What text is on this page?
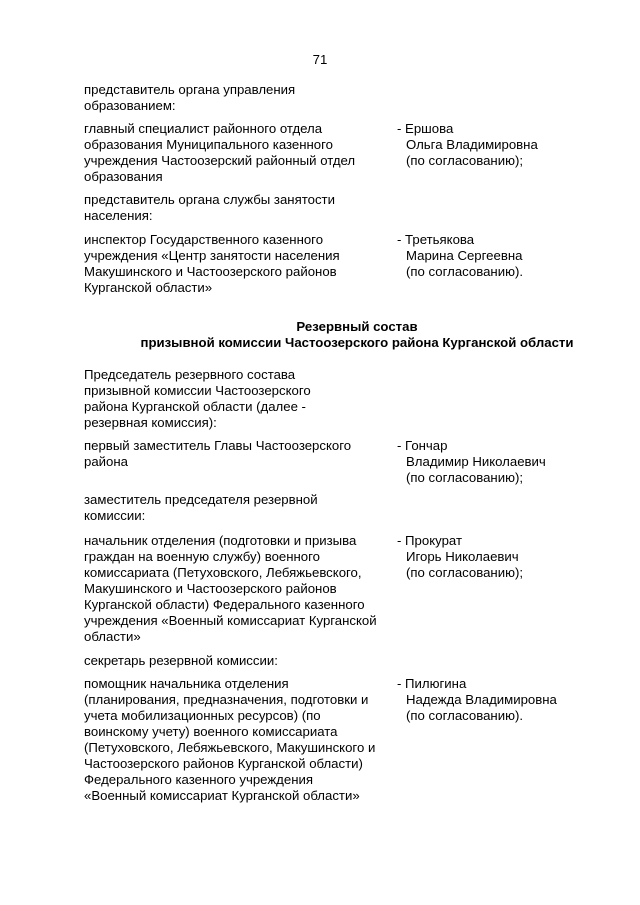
71
представитель органа управления
образованием:
главный специалист районного отдела
образования Муниципального казенного
учреждения Частоозерский районный отдел
образования
- Ершова
Ольга Владимировна
(по согласованию);
представитель органа службы занятости
населения:
инспектор Государственного казенного
учреждения «Центр занятости населения
Макушинского и Частоозерского районов
Курганской области»
- Третьякова
Марина Сергеевна
(по согласованию).
Резервный состав
призывной комиссии Частоозерского района Курганской области
Председатель резервного состава
призывной комиссии Частоозерского
района Курганской области (далее -
резервная комиссия):
первый заместитель Главы Частоозерского
района
- Гончар
Владимир Николаевич
(по согласованию);
заместитель председателя резервной
комиссии:
начальник отделения (подготовки и призыва
граждан на военную службу) военного
комиссариата (Петуховского, Лебяжьевского,
Макушинского и Частоозерского районов
Курганской области) Федерального казенного
учреждения «Военный комиссариат Курганской
области»
- Прокурат
Игорь Николаевич
(по согласованию);
секретарь резервной комиссии:
помощник начальника отделения
(планирования, предназначения, подготовки и
учета мобилизационных ресурсов) (по
воинскому учету) военного комиссариата
(Петуховского, Лебяжьевского, Макушинского и
Частоозерского районов Курганской области)
Федерального казенного учреждения
«Военный комиссариат Курганской области»
- Пилюгина
Надежда Владимировна
(по согласованию).
